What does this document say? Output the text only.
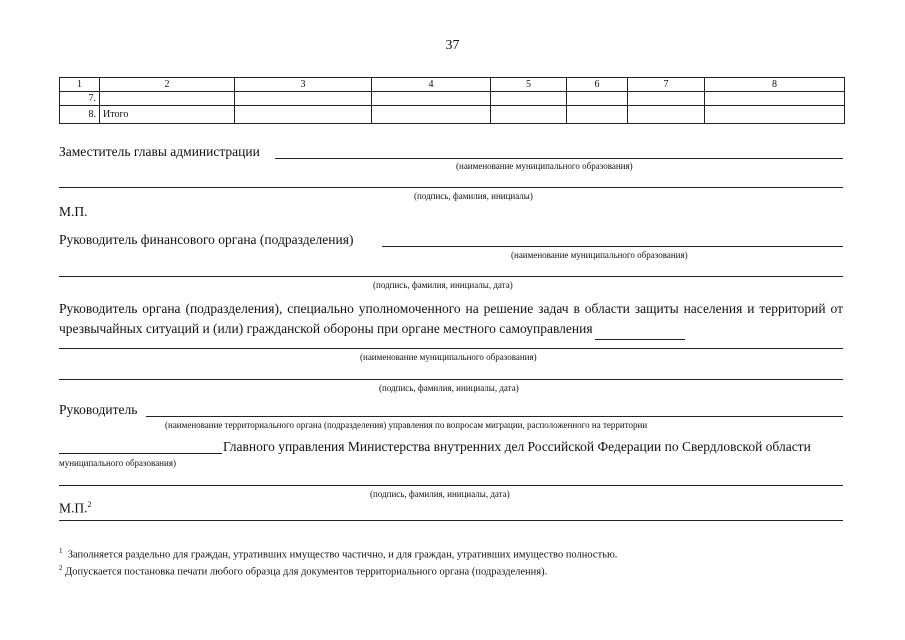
37
1	2	3	4	5	6	7	8
7.							
8.	Итого						
Заместитель главы администрации
(наименование муниципального образования)
(подпись, фамилия, инициалы)
М.П.
Руководитель финансового органа (подразделения)
(наименование муниципального образования)
(подпись, фамилия, инициалы, дата)
Руководитель органа (подразделения), специально уполномоченного на решение задач в области защиты населения и территорий от чрезвычайных ситуаций и (или) гражданской обороны при органе местного самоуправления
(наименование муниципального образования)
(подпись, фамилия, инициалы, дата)
Руководитель
(наименование территориального органа (подразделения) управления по вопросам миграции, расположенного на территории
Главного управления Министерства внутренних дел Российской Федерации по Свердловской области
муниципального образования)
(подпись, фамилия, инициалы, дата)
М.П.$^2$
$^1$ Заполняется раздельно для граждан, утративших имущество частично, и для граждан, утративших имущество полностью.
$^2$ Допускается постановка печати любого образца для документов территориального органа (подразделения).
